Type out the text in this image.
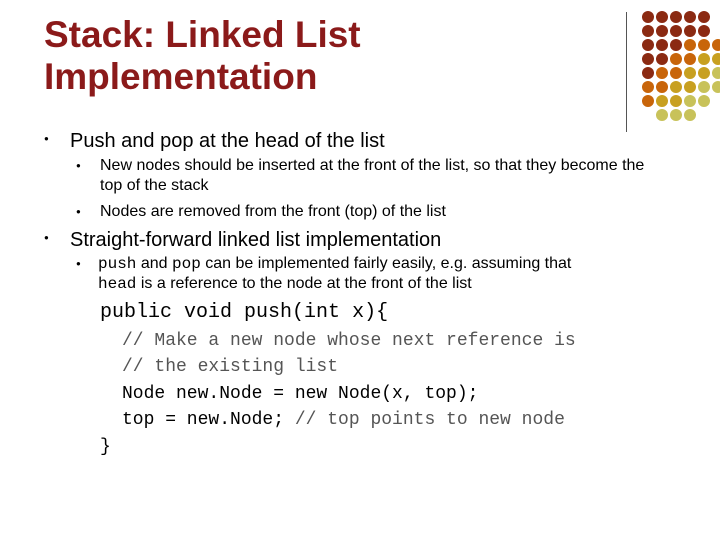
Stack: Linked List Implementation
● Push and pop at the head of the list

● New nodes should be inserted at the front of the list, so that they become the top of the stack

● Nodes are removed from the front (top) of the list

● Straight-forward linked list implementation

● push and pop can be implemented fairly easily, e.g. assuming that
head is a reference to the node at the front of the list

public void push(int x){

// Make a new node whose next reference is

// the existing list

Node new.Node = new Node(x, top);

top = new.Node; // top points to new node

}
